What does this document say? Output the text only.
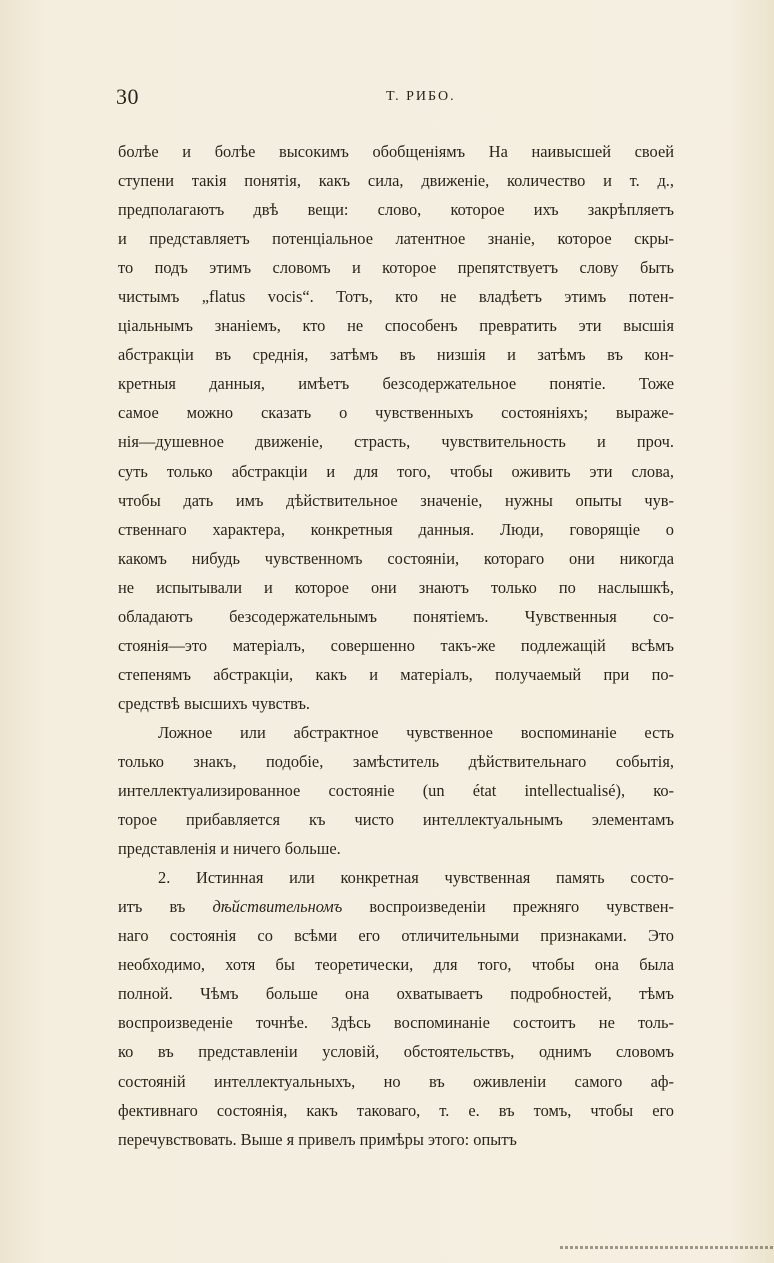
30	Т. РИБО.
болѣе и болѣе высокимъ обобщеніямъ На наивысшей своей
ступени такія понятія, какъ сила, движеніе, количество и т. д.,
предполагаютъ двѣ вещи: слово, которое ихъ закрѣпляетъ
и представляетъ потенціальное латентное знаніе, которое скры-
то подъ этимъ словомъ и которое препятствуетъ слову быть
чистымъ „flatus vocis“. Тотъ, кто не владѣетъ этимъ потен-
ціальнымъ знаніемъ, кто не способенъ превратить эти высшія
абстракціи въ среднія, затѣмъ въ низшія и затѣмъ въ кон-
кретныя данныя, имѣетъ безсодержательное понятіе. Тоже
самое можно сказать о чувственныхъ состояніяхъ; выраже-
нія—душевное движеніе, страсть, чувствительность и проч.
суть только абстракціи и для того, чтобы оживить эти слова,
чтобы дать имъ дѣйствительное значеніе, нужны опыты чув-
ственнаго характера, конкретныя данныя. Люди, говорящіе о
какомъ нибудь чувственномъ состояніи, котораго они никогда
не испытывали и которое они знаютъ только по наслышкѣ,
обладаютъ безсодержательнымъ понятіемъ. Чувственныя со-
стоянія—это матеріалъ, совершенно такъ-же подлежащій всѣмъ
степенямъ абстракціи, какъ и матеріалъ, получаемый при по-
средствѣ высшихъ чувствъ.
Ложное или абстрактное чувственное воспоминаніе есть
только знакъ, подобіе, замѣститель дѣйствительнаго событія,
интеллектуализированное состояніе (un état intellectualisé), ко-
торое прибавляется къ чисто интеллектуальнымъ элементамъ
представленія и ничего больше.
2. Истинная или конкретная чувственная память состо-
итъ въ дѣйствительномъ воспроизведеніи прежняго чувствен-
наго состоянія со всѣми его отличительными признаками. Это
необходимо, хотя бы теоретически, для того, чтобы она была
полной. Чѣмъ больше она охватываетъ подробностей, тѣмъ
воспроизведеніе точнѣе. Здѣсь воспоминаніе состоитъ не толь-
ко въ представленіи условій, обстоятельствъ, однимъ словомъ
состояній интеллектуальныхъ, но въ оживленіи самого аф-
фективнаго состоянія, какъ таковаго, т. е. въ томъ, чтобы его
перечувствовать. Выше я привелъ примѣры этого: опытъ
